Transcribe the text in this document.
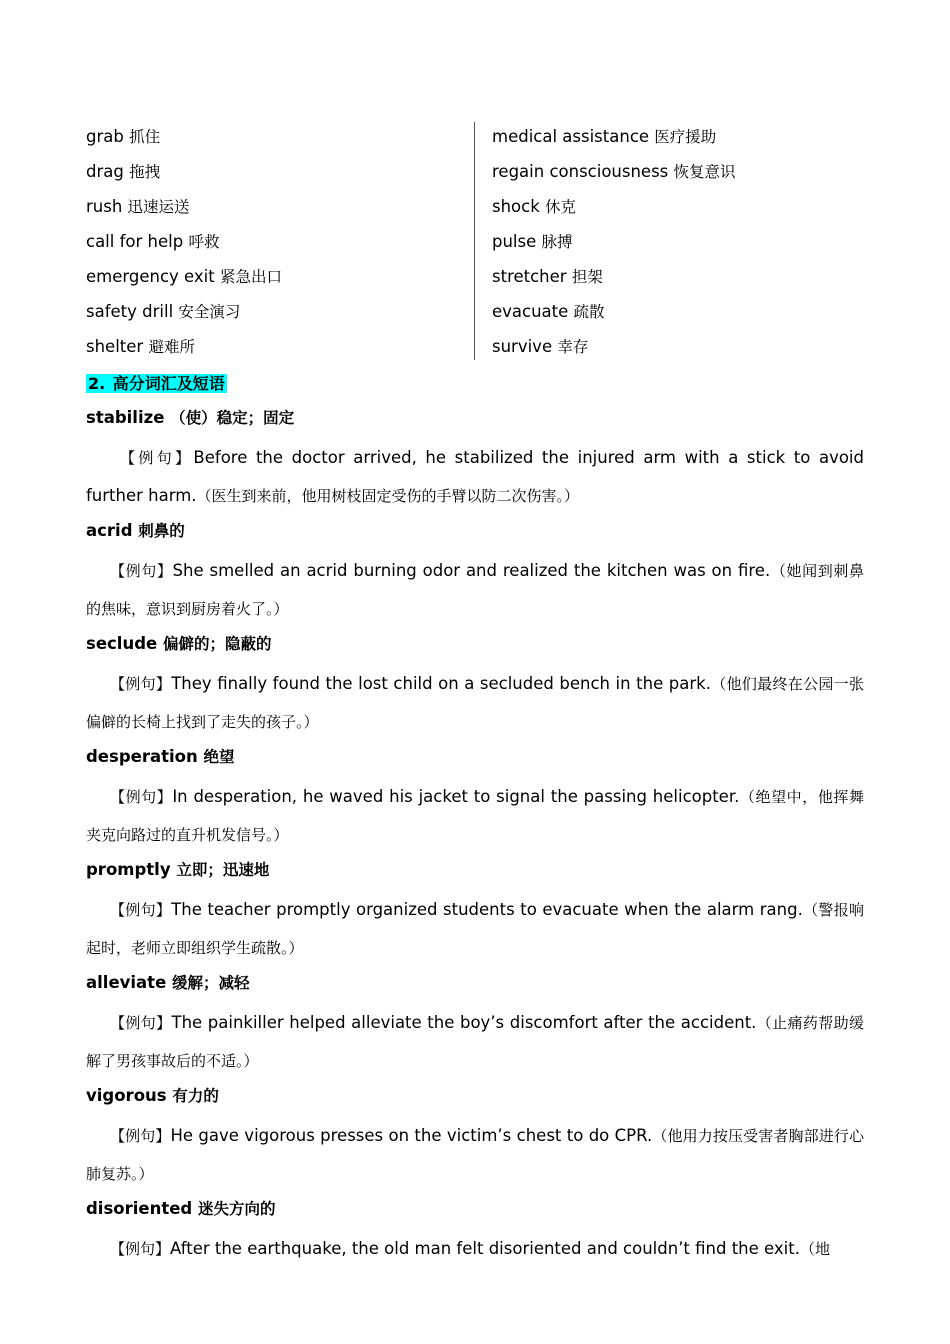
grab 抓住
drag 拖拽
rush 迅速运送
call for help 呼救
emergency exit 紧急出口
safety drill 安全演习
shelter 避难所
medical assistance 医疗援助
regain consciousness 恢复意识
shock 休克
pulse 脉搏
stretcher 担架
evacuate 疏散
survive 幸存
2. 高分词汇及短语
stabilize （使）稳定；固定

【例句】Before the doctor arrived, he stabilized the injured arm with a stick to avoid further harm.（医生到来前，他用树枝固定受伤的手臂以防二次伤害。）

acrid 刺鼻的

【例句】She smelled an acrid burning odor and realized the kitchen was on fire.（她闻到刺鼻的焦味，意识到厨房着火了。）

seclude 偏僻的；隐蔽的

【例句】They finally found the lost child on a secluded bench in the park.（他们最终在公园一张偏僻的长椅上找到了走失的孩子。）

desperation 绝望

【例句】In desperation, he waved his jacket to signal the passing helicopter.（绝望中，他挥舞夹克向路过的直升机发信号。）

promptly 立即；迅速地

【例句】The teacher promptly organized students to evacuate when the alarm rang.（警报响起时，老师立即组织学生疏散。）

alleviate 缓解；减轻

【例句】The painkiller helped alleviate the boy’s discomfort after the accident.（止痛药帮助缓解了男孩事故后的不适。）

vigorous 有力的

【例句】He gave vigorous presses on the victim’s chest to do CPR.（他用力按压受害者胸部进行心肺复苏。）

disoriented 迷失方向的

【例句】After the earthquake, the old man felt disoriented and couldn’t find the exit.（地
